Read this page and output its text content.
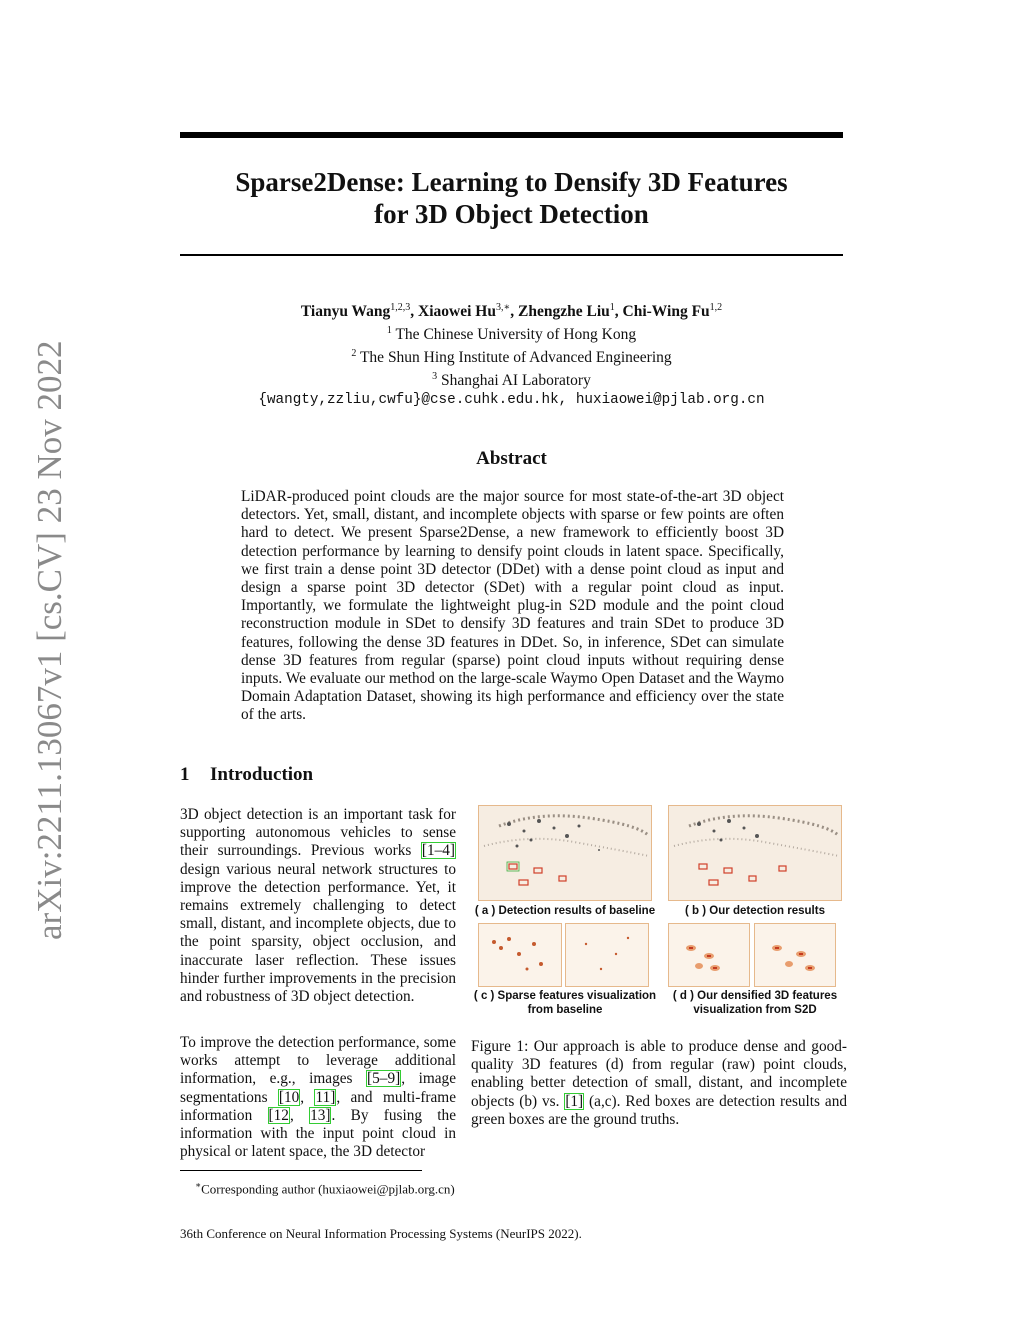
arXiv:2211.13067v1 [cs.CV] 23 Nov 2022
Sparse2Dense: Learning to Densify 3D Features
for 3D Object Detection
Tianyu Wang$^{1,2,3}$, Xiaowei $Hu^{3,∗}$, Zhengzhe Liu$^1$, Chi-Wing Fu$^{1,2}$
$^1$ The Chinese University of Hong Kong
$^2$ The Shun Hing Institute of Advanced Engineering
$^3$ Shanghai AI Laboratory
{wangty,zzliu,cwfu}@cse.cuhk.edu.hk, huxiaowei@pjlab.org.cn
Abstract
LiDAR-produced point clouds are the major source for most state-of-the-art 3D object detectors. Yet, small, distant, and incomplete objects with sparse or few points are often hard to detect. We present Sparse2Dense, a new framework to efficiently boost 3D detection performance by learning to densify point clouds in latent space. Specifically, we first train a dense point 3D detector (DDet) with a dense point cloud as input and design a sparse point 3D detector (SDet) with a regular point cloud as input. Importantly, we formulate the lightweight plug-in S2D module and the point cloud reconstruction module in SDet to densify 3D features and train SDet to produce 3D features, following the dense 3D features in DDet. So, in inference, SDet can simulate dense 3D features from regular (sparse) point cloud inputs without requiring dense inputs. We evaluate our method on the large-scale Waymo Open Dataset and the Waymo Domain Adaptation Dataset, showing its high performance and efficiency over the state of the arts.
1 Introduction
3D object detection is an important task for supporting autonomous vehicles to sense their surroundings. Previous works [1–4] design various neural network structures to improve the detection performance. Yet, it remains extremely challenging to detect small, distant, and incomplete objects, due to the point sparsity, object occlusion, and inaccurate laser reflection. These issues hinder further improvements in the precision and robustness of 3D object detection.
To improve the detection performance, some works attempt to leverage additional information, e.g., images [5–9], image segmentations [10, 11], and multi-frame information [12, 13]. By fusing the information with the input point cloud in physical or latent space, the 3D detector
( a ) Detection results of baseline	( b ) Our detection results
( c ) Sparse features visualization
from baseline
( d ) Our densified 3D features
visualization from S2D
Figure 1: Our approach is able to produce dense and good-quality 3D features (d) from regular (raw) point clouds, enabling better detection of small, distant, and incomplete objects (b) vs. [1] (a,c). Red boxes are detection results and green boxes are the ground truths.
∗Corresponding author (huxiaowei@pjlab.org.cn)
36th Conference on Neural Information Processing Systems (NeurIPS 2022).
